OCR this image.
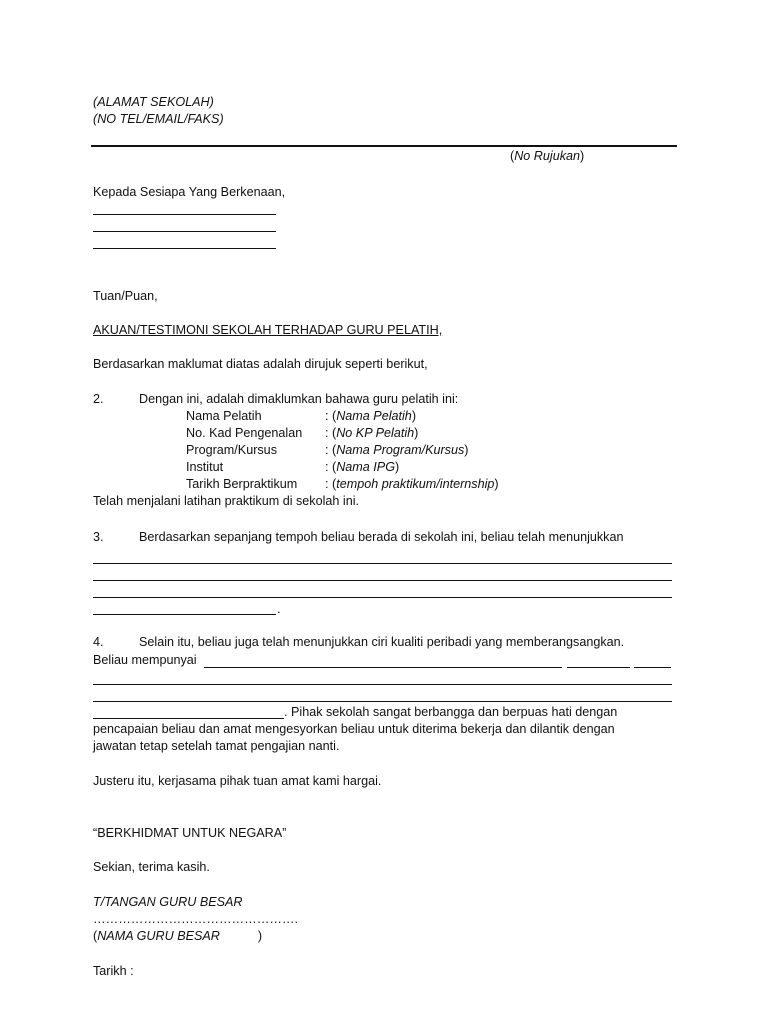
(ALAMAT SEKOLAH)
(NO TEL/EMAIL/FAKS)
(No Rujukan)
Kepada Sesiapa Yang Berkenaan,
Tuan/Puan,
AKUAN/TESTIMONI SEKOLAH TERHADAP GURU PELATIH,
Berdasarkan maklumat diatas adalah dirujuk seperti berikut,
2.	Dengan ini, adalah dimaklumkan bahawa guru pelatih ini:
Nama Pelatih	: (Nama Pelatih)
No. Kad Pengenalan : (No KP Pelatih)
Program/Kursus	: (Nama Program/Kursus)
Institut	: (Nama IPG)
Tarikh Berpraktikum : (tempoh praktikum/internship)
Telah menjalani latihan praktikum di sekolah ini.
3.	Berdasarkan sepanjang tempoh beliau berada di sekolah ini, beliau telah menunjukkan
.
4.	Selain itu, beliau juga telah menunjukkan ciri kualiti peribadi yang memberangsangkan.
Beliau mempunyai
. Pihak sekolah sangat berbangga dan berpuas hati dengan
pencapaian beliau dan amat mengesyorkan beliau untuk diterima bekerja dan dilantik dengan
jawatan tetap setelah tamat pengajian nanti.
Justeru itu, kerjasama pihak tuan amat kami hargai.
“BERKHIDMAT UNTUK NEGARA”
Sekian, terima kasih.
T/TANGAN GURU BESAR
………………………………………….
(NAMA GURU BESAR	)
Tarikh :
